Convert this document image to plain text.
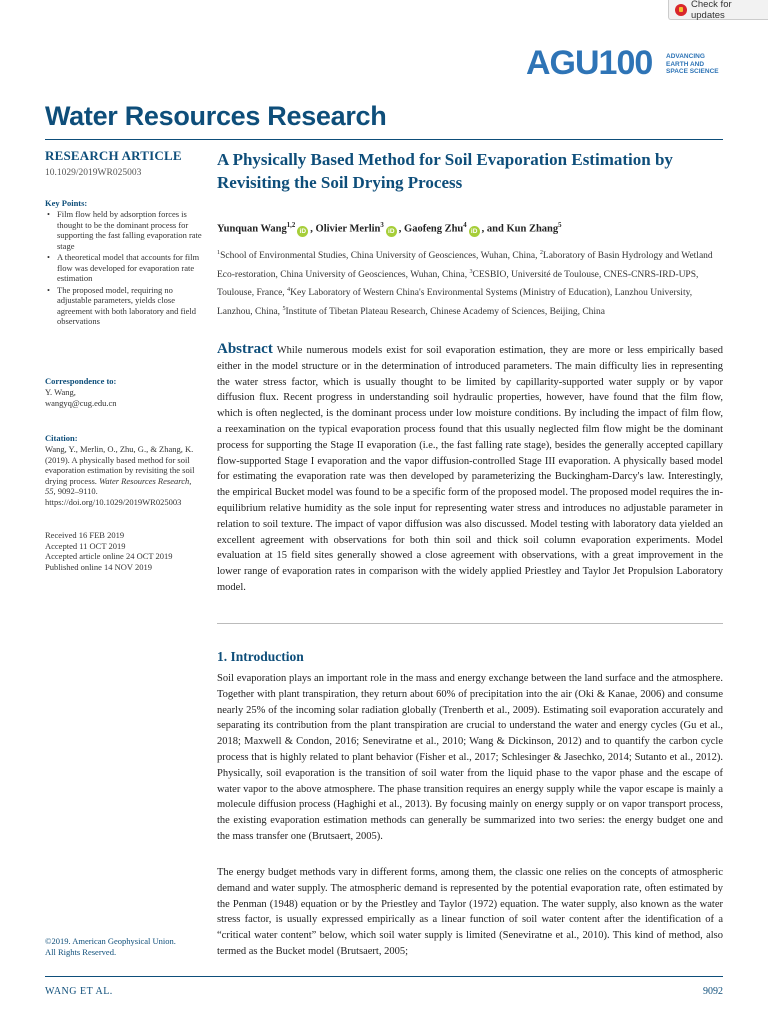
Check for updates
AGU100 ADVANCING EARTH AND SPACE SCIENCE
Water Resources Research
RESEARCH ARTICLE
10.1029/2019WR025003
Key Points:
• Film flow held by adsorption forces is thought to be the dominant process for supporting the fast falling evaporation rate stage
• A theoretical model that accounts for film flow was developed for evaporation rate estimation
• The proposed model, requiring no adjustable parameters, yields close agreement with both laboratory and field observations
Correspondence to:
Y. Wang,
wangyq@cug.edu.cn
Citation:
Wang, Y., Merlin, O., Zhu, G., & Zhang, K. (2019). A physically based method for soil evaporation estimation by revisiting the soil drying process. Water Resources Research, 55, 9092–9110. https://doi.org/10.1029/2019WR025003
Received 16 FEB 2019
Accepted 11 OCT 2019
Accepted article online 24 OCT 2019
Published online 14 NOV 2019
©2019. American Geophysical Union.
All Rights Reserved.
A Physically Based Method for Soil Evaporation Estimation by Revisiting the Soil Drying Process
Yunquan Wang$^{1,2}$iD , Olivier Merlin$^3$iD , Gaofeng Zhu$^4$iD , and Kun Zhang$^5$
$^1$School of Environmental Studies, China University of Geosciences, Wuhan, China, $^2$Laboratory of Basin Hydrology and Wetland Eco-restoration, China University of Geosciences, Wuhan, China, $^3$CESBIO, Université de Toulouse, CNES-CNRS-IRD-UPS, Toulouse, France, $^4$Key Laboratory of Western China's Environmental Systems (Ministry of Education), Lanzhou University, Lanzhou, China, $^5$Institute of Tibetan Plateau Research, Chinese Academy of Sciences, Beijing, China
Abstract While numerous models exist for soil evaporation estimation, they are more or less empirically based either in the model structure or in the determination of introduced parameters. The main difficulty lies in representing the water stress factor, which is usually thought to be limited by capillarity-supported water supply or by vapor diffusion flux. Recent progress in understanding soil hydraulic properties, however, have found that the film flow, which is often neglected, is the dominant process under low moisture conditions. By including the impact of film flow, a reexamination on the typical evaporation process found that this usually neglected film flow might be the dominant process for supporting the Stage II evaporation (i.e., the fast falling rate stage), besides the generally accepted capillary flow-supported Stage I evaporation and the vapor diffusion-controlled Stage III evaporation. A physically based model for estimating the evaporation rate was then developed by parameterizing the Buckingham-Darcy's law. Interestingly, the empirical Bucket model was found to be a specific form of the proposed model. The proposed model requires the in-equilibrium relative humidity as the sole input for representing water stress and introduces no adjustable parameter in relation to soil texture. The impact of vapor diffusion was also discussed. Model testing with laboratory data yielded an excellent agreement with observations for both thin soil and thick soil column evaporation experiments. Model evaluation at 15 field sites generally showed a close agreement with observations, with a great improvement in the lower range of evaporation rates in comparison with the widely applied Priestley and Taylor Jet Propulsion Laboratory model.
1. Introduction
Soil evaporation plays an important role in the mass and energy exchange between the land surface and the atmosphere. Together with plant transpiration, they return about 60% of precipitation into the air (Oki & Kanae, 2006) and consume nearly 25% of the incoming solar radiation globally (Trenberth et al., 2009). Estimating soil evaporation accurately and separating its contribution from the plant transpiration are crucial to understand the water and energy cycles (Gu et al., 2018; Maxwell & Condon, 2016; Seneviratne et al., 2010; Wang & Dickinson, 2012) and to quantify the carbon cycle process that is highly related to plant behavior (Fisher et al., 2017; Schlesinger & Jasechko, 2014; Sutanto et al., 2012). Physically, soil evaporation is the transition of soil water from the liquid phase to the vapor phase and the escape of water vapor to the above atmosphere. The phase transition requires an energy supply while the vapor escape is mainly a molecule diffusion process (Haghighi et al., 2013). By focusing mainly on energy supply or on vapor transport process, the existing evaporation estimation methods can generally be summarized into two series: the energy budget one and the mass transfer one (Brutsaert, 2005).
The energy budget methods vary in different forms, among them, the classic one relies on the concepts of atmospheric demand and water supply. The atmospheric demand is represented by the potential evaporation rate, often estimated by the Penman (1948) equation or by the Priestley and Taylor (1972) equation. The water supply, also known as the water stress factor, is usually expressed empirically as a linear function of soil water content after the identification of a “critical water content” below, which soil water supply is limited (Seneviratne et al., 2010). This kind of method, also termed as the Bucket model (Brutsaert, 2005;
WANG ET AL.	9092
